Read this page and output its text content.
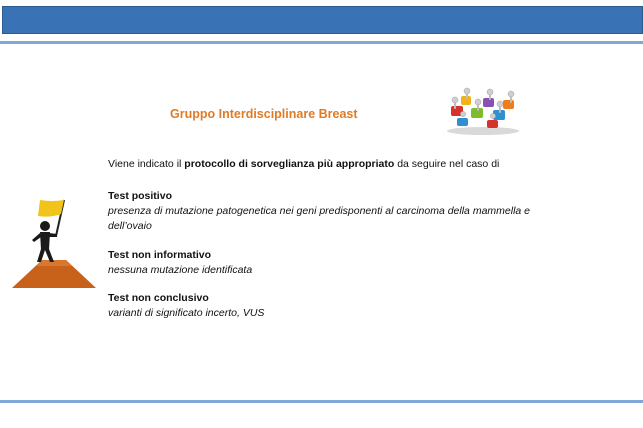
Gruppo Interdisciplinare Breast
Viene indicato il protocollo di sorveglianza più appropriato da seguire nel caso di
Test positivo
presenza di mutazione patogenetica nei geni predisponenti al carcinoma della mammella e dell’ovaio
Test non informativo
nessuna mutazione identificata
Test non conclusivo
varianti di significato incerto, VUS
